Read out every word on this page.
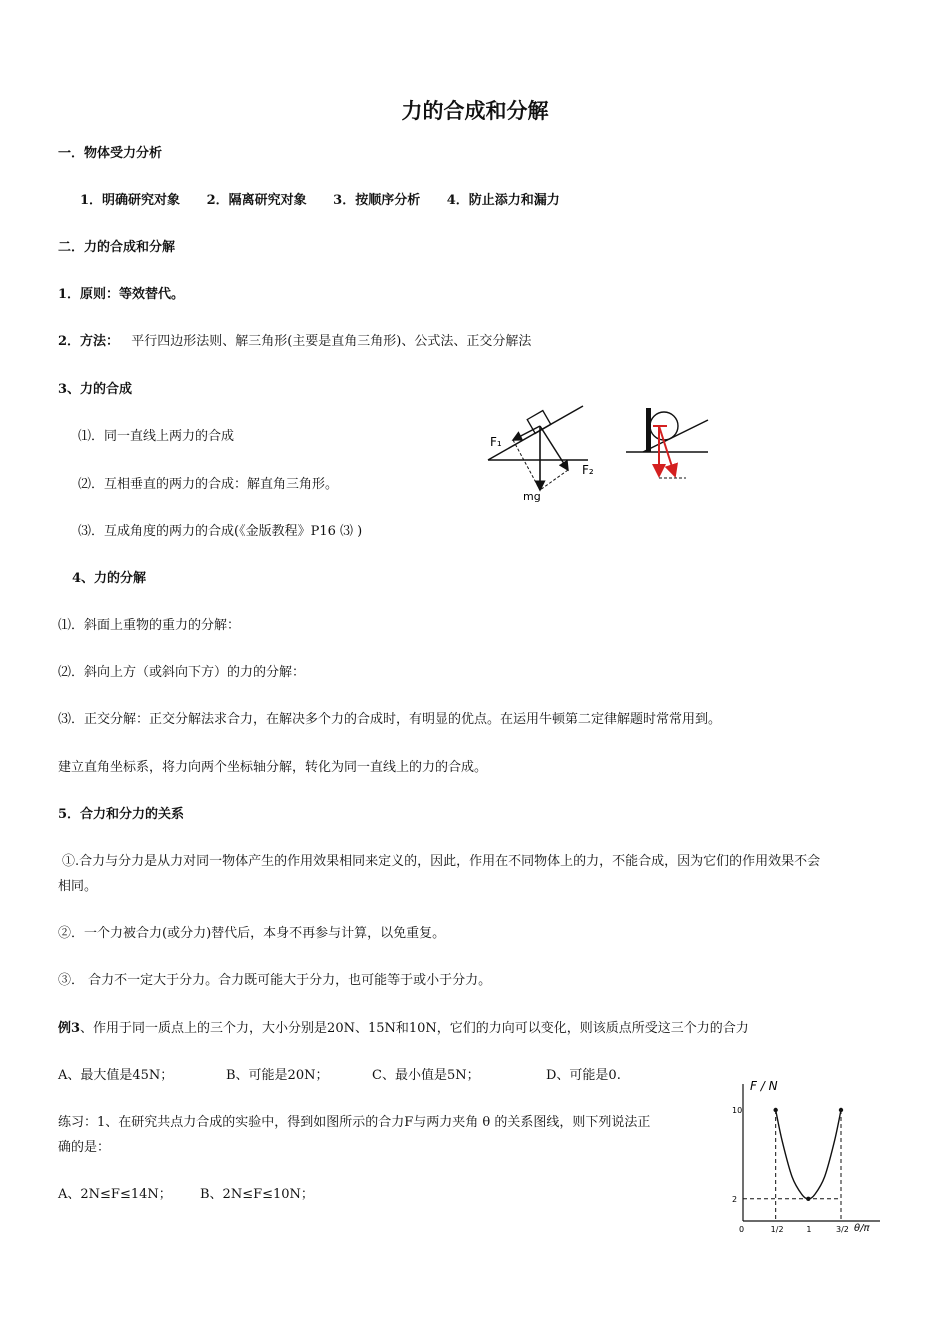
力的合成和分解
一．物体受力分析
1．明确研究对象 2．隔离研究对象 3．按顺序分析 4．防止添力和漏力
二．力的合成和分解
1．原则：等效替代。
2．方法： 平行四边形法则、解三角形(主要是直角三角形)、公式法、正交分解法
3、力的合成
⑴．同一直线上两力的合成
⑵．互相垂直的两力的合成：解直角三角形。
⑶．互成角度的两力的合成(《金版教程》P16 ⑶ )
4、力的分解
⑴．斜面上重物的重力的分解：
⑵．斜向上方（或斜向下方）的力的分解：
⑶．正交分解：正交分解法求合力，在解决多个力的合成时，有明显的优点。在运用牛顿第二定律解题时常常用到。
建立直角坐标系，将力向两个坐标轴分解，转化为同一直线上的力的合成。
5．合力和分力的关系
①.合力与分力是从力对同一物体产生的作用效果相同来定义的，因此，作用在不同物体上的力，不能合成，因为它们的作用效果不会
相同。
②．一个力被合力(或分力)替代后，本身不再参与计算，以免重复。
③． 合力不一定大于分力。合力既可能大于分力，也可能等于或小于分力。
例3、作用于同一质点上的三个力，大小分别是20N、15N和10N，它们的力向可以变化，则该质点所受这三个力的合力
A、最大值是45N；	B、可能是20N；	C、最小值是5N；	D、可能是0.
练习：1、在研究共点力合成的实验中，得到如图所示的合力F与两力夹角 θ 的关系图线，则下列说法正
确的是：
A、2N≤F≤14N； B、2N≤F≤10N；
F₁
F₂
mg
F / N
θ/π
10
2
0	1/2	1	3/2
